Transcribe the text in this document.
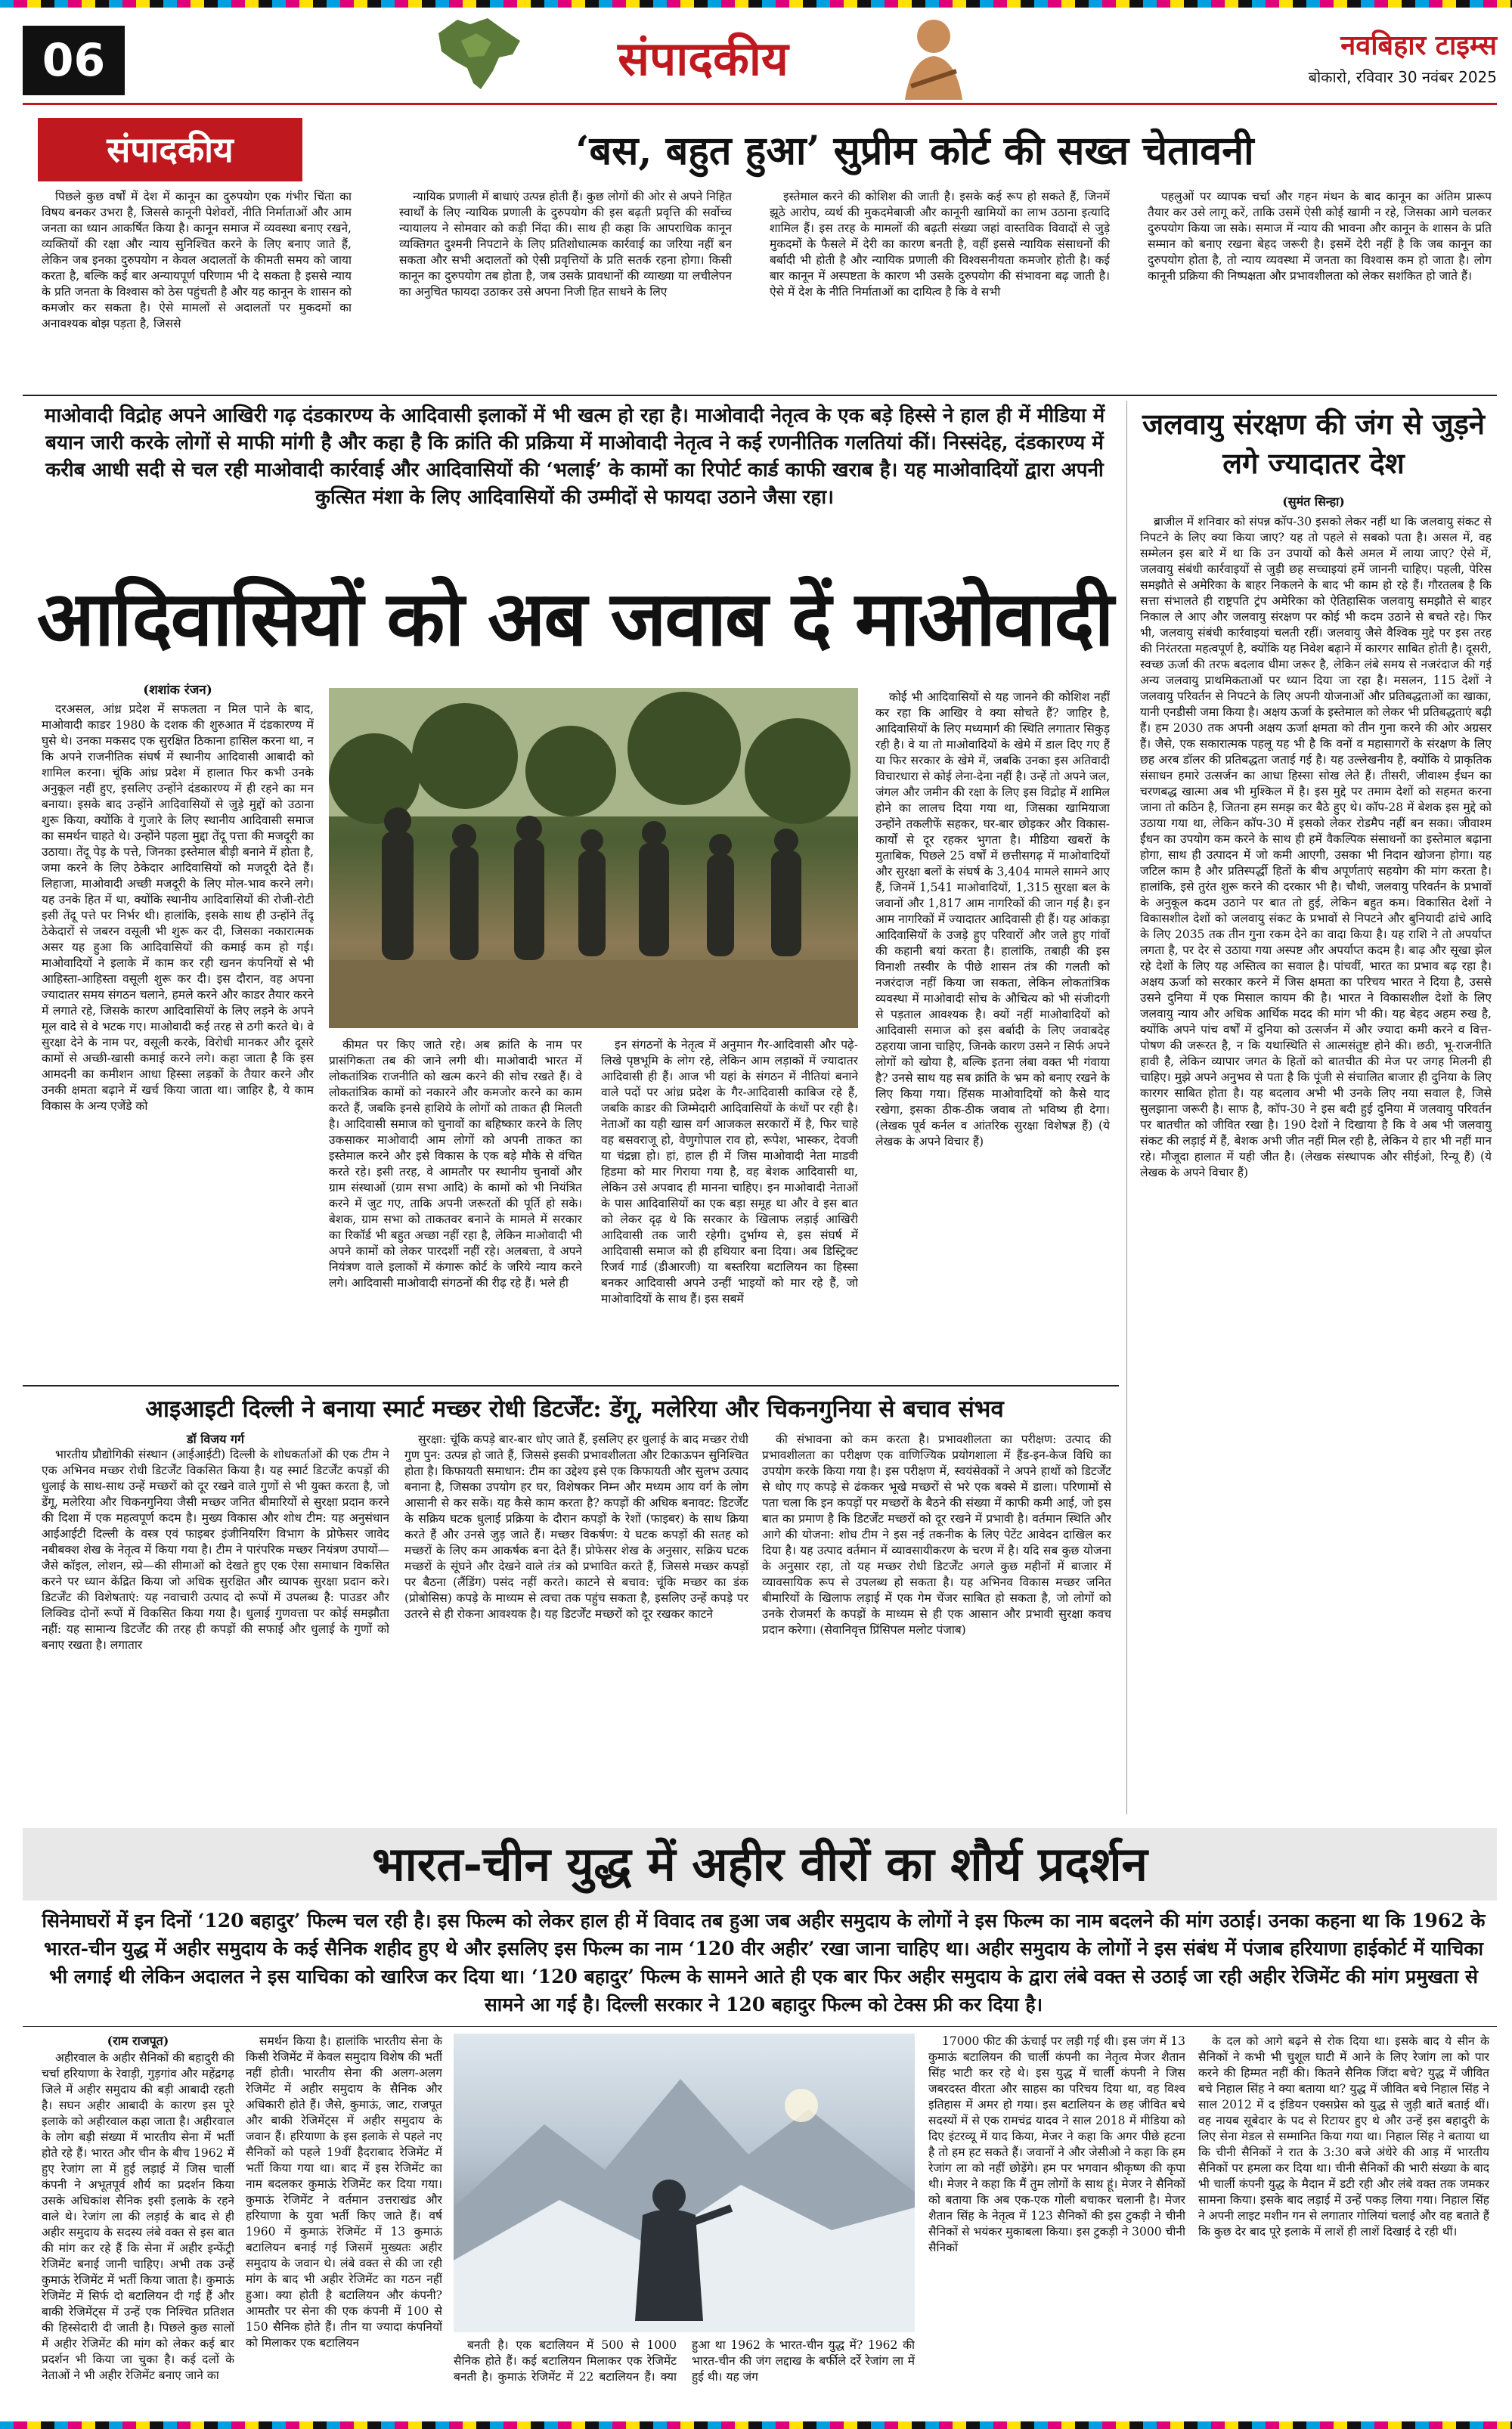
06	संपादकीय	नवबिहार टाइम्स
बोकारो, रविवार 30 नवंबर 2025
संपादकीय	‘बस, बहुत हुआ’ सुप्रीम कोर्ट की सख्त चेतावनी

पिछले कुछ वर्षों में देश में कानून का दुरुपयोग एक गंभीर चिंता का विषय बनकर उभरा है, जिससे कानूनी पेशेवरों, नीति निर्माताओं और आम जनता का ध्यान आकर्षित किया है। कानून समाज में व्यवस्था बनाए रखने, व्यक्तियों की रक्षा और न्याय सुनिश्चित करने के लिए बनाए जाते हैं, लेकिन जब इनका दुरुपयोग न केवल अदालतों के कीमती समय को जाया करता है, बल्कि कई बार अन्यायपूर्ण परिणाम भी दे सकता है इससे न्याय के प्रति जनता के विश्वास को ठेस पहुंचती है और यह कानून के शासन को कमजोर कर सकता है। ऐसे मामलों से अदालतों पर मुकदमों का अनावश्यक बोझ पड़ता है, जिससे

न्यायिक प्रणाली में बाधाएं उत्पन्न होती हैं। कुछ लोगों की ओर से अपने निहित स्वार्थों के लिए न्यायिक प्रणाली के दुरुपयोग की इस बढ़ती प्रवृत्ति की सर्वोच्च न्यायालय ने सोमवार को कड़ी निंदा की। साथ ही कहा कि आपराधिक कानून व्यक्तिगत दुश्मनी निपटाने के लिए प्रतिशोधात्मक कार्रवाई का जरिया नहीं बन सकता और सभी अदालतों को ऐसी प्रवृत्तियों के प्रति सतर्क रहना होगा। किसी कानून का दुरुपयोग तब होता है, जब उसके प्रावधानों की व्याख्या या लचीलेपन का अनुचित फायदा उठाकर उसे अपना निजी हित साधने के लिए

इस्तेमाल करने की कोशिश की जाती है। इसके कई रूप हो सकते हैं, जिनमें झूठे आरोप, व्यर्थ की मुकदमेबाजी और कानूनी खामियों का लाभ उठाना इत्यादि शामिल हैं। इस तरह के मामलों की बढ़ती संख्या जहां वास्तविक विवादों से जुड़े मुकदमों के फैसले में देरी का कारण बनती है, वहीं इससे न्यायिक संसाधनों की बर्बादी भी होती है और न्यायिक प्रणाली की विश्वसनीयता कमजोर होती है। कई बार कानून में अस्पष्टता के कारण भी उसके दुरुपयोग की संभावना बढ़ जाती है। ऐसे में देश के नीति निर्माताओं का दायित्व है कि वे सभी

पहलुओं पर व्यापक चर्चा और गहन मंथन के बाद कानून का अंतिम प्रारूप तैयार कर उसे लागू करें, ताकि उसमें ऐसी कोई खामी न रहे, जिसका आगे चलकर दुरुपयोग किया जा सके। समाज में न्याय की भावना और कानून के शासन के प्रति सम्मान को बनाए रखना बेहद जरूरी है। इसमें देरी नहीं है कि जब कानून का दुरुपयोग होता है, तो न्याय व्यवस्था में जनता का विश्वास कम हो जाता है। लोग कानूनी प्रक्रिया की निष्पक्षता और प्रभावशीलता को लेकर सशंकित हो जाते हैं।

माओवादी विद्रोह अपने आखिरी गढ़ दंडकारण्य के आदिवासी इलाकों में भी खत्म हो रहा है। माओवादी नेतृत्व के एक बड़े हिस्से ने हाल ही में मीडिया में बयान जारी करके लोगों से माफी मांगी है और कहा है कि क्रांति की प्रक्रिया में माओवादी नेतृत्व ने कई रणनीतिक गलतियां कीं। निस्संदेह, दंडकारण्य में करीब आधी सदी से चल रही माओवादी कार्रवाई और आदिवासियों की ‘भलाई’ के कामों का रिपोर्ट कार्ड काफी खराब है। यह माओवादियों द्वारा अपनी कुत्सित मंशा के लिए आदिवासियों की उम्मीदों से फायदा उठाने जैसा रहा।
आदिवासियों को अब जवाब दें माओवादी
(शशांक रंजन)

दरअसल, आंध्र प्रदेश में सफलता न मिल पाने के बाद, माओवादी काडर 1980 के दशक की शुरुआत में दंडकारण्य में घुसे थे। उनका मकसद एक सुरक्षित ठिकाना हासिल करना था, न कि अपने राजनीतिक संघर्ष में स्थानीय आदिवासी आबादी को शामिल करना। चूंकि आंध्र प्रदेश में हालात फिर कभी उनके अनुकूल नहीं हुए, इसलिए उन्होंने दंडकारण्य में ही रहने का मन बनाया। इसके बाद उन्होंने आदिवासियों से जुड़े मुद्दों को उठाना शुरू किया, क्योंकि वे गुजारे के लिए स्थानीय आदिवासी समाज का समर्थन चाहते थे। उन्होंने पहला मुद्दा तेंदू पत्ता की मजदूरी का उठाया। तेंदू पेड़ के पत्ते, जिनका इस्तेमाल बीड़ी बनाने में होता है, जमा करने के लिए ठेकेदार आदिवासियों को मजदूरी देते हैं। लिहाजा, माओवादी अच्छी मजदूरी के लिए मोल-भाव करने लगे। यह उनके हित में था, क्योंकि स्थानीय आदिवासियों की रोजी-रोटी इसी तेंदू पत्ते पर निर्भर थी। हालांकि, इसके साथ ही उन्होंने तेंदू ठेकेदारों से जबरन वसूली भी शुरू कर दी, जिसका नकारात्मक असर यह हुआ कि आदिवासियों की कमाई कम हो गई। माओवादियों ने इलाके में काम कर रही खनन कंपनियों से भी आहिस्ता-आहिस्ता वसूली शुरू कर दी। इस दौरान, वह अपना ज्यादातर समय संगठन चलाने, हमले करने और काडर तैयार करने में लगाते रहे, जिसके कारण आदिवासियों के लिए लड़ने के अपने मूल वादे से वे भटक गए। माओवादी कई तरह से ठगी करते थे। वे सुरक्षा देने के नाम पर, वसूली करके, विरोधी मानकर और दूसरे कामों से अच्छी-खासी कमाई करने लगे। कहा जाता है कि इस आमदनी का कमीशन आधा हिस्सा लड़कों के तैयार करने और उनकी क्षमता बढ़ाने में खर्च किया जाता था। जाहिर है, ये काम विकास के अन्य एजेंडे को

कीमत पर किए जाते रहे। अब क्रांति के नाम पर प्रासंगिकता तब की जाने लगी थी। माओवादी भारत में लोकतांत्रिक राजनीति को खत्म करने की सोच रखते हैं। वे लोकतांत्रिक कामों को नकारने और कमजोर करने का काम करते हैं, जबकि इनसे हाशिये के लोगों को ताकत ही मिलती है। आदिवासी समाज को चुनावों का बहिष्कार करने के लिए उकसाकर माओवादी आम लोगों को अपनी ताकत का इस्तेमाल करने और इसे विकास के एक बड़े मौके से वंचित करते रहे। इसी तरह, वे आमतौर पर स्थानीय चुनावों और ग्राम संस्थाओं (ग्राम सभा आदि) के कामों को भी नियंत्रित करने में जुट गए, ताकि अपनी जरूरतों की पूर्ति हो सके। बेशक, ग्राम सभा को ताकतवर बनाने के मामले में सरकार का रिकॉर्ड भी बहुत अच्छा नहीं रहा है, लेकिन माओवादी भी अपने कामों को लेकर पारदर्शी नहीं रहे। अलबत्ता, वे अपने नियंत्रण वाले इलाकों में कंगारू कोर्ट के जरिये न्याय करने लगे। आदिवासी माओवादी संगठनों की रीढ़ रहे हैं। भले ही

इन संगठनों के नेतृत्व में अनुमान गैर-आदिवासी और पढ़े-लिखे पृष्ठभूमि के लोग रहे, लेकिन आम लड़ाकों में ज्यादातर आदिवासी ही हैं। आज भी यहां के संगठन में नीतियां बनाने वाले पदों पर आंध्र प्रदेश के गैर-आदिवासी काबिज रहे हैं, जबकि काडर की जिम्मेदारी आदिवासियों के कंधों पर रही है। नेताओं का यही खास वर्ग आजकल सरकारों में है, फिर चाहे वह बसवराजू हो, वेणुगोपाल राव हो, रूपेश, भास्कर, देवजी या चंद्रन्ना हो। हां, हाल ही में जिस माओवादी नेता माडवी हिडमा को मार गिराया गया है, वह बेशक आदिवासी था, लेकिन उसे अपवाद ही मानना चाहिए। इन माओवादी नेताओं के पास आदिवासियों का एक बड़ा समूह था और वे इस बात को लेकर दृढ़ थे कि सरकार के खिलाफ लड़ाई आखिरी आदिवासी तक जारी रहेगी। दुर्भाग्य से, इस संघर्ष में आदिवासी समाज को ही हथियार बना दिया। अब डिस्ट्रिक्ट रिजर्व गार्ड (डीआरजी) या बस्तरिया बटालियन का हिस्सा बनकर आदिवासी अपने उन्हीं भाइयों को मार रहे हैं, जो माओवादियों के साथ हैं। इस सबमें

कोई भी आदिवासियों से यह जानने की कोशिश नहीं कर रहा कि आखिर वे क्या सोचते हैं? जाहिर है, आदिवासियों के लिए मध्यमार्ग की स्थिति लगातार सिकुड़ रही है। वे या तो माओवादियों के खेमे में डाल दिए गए हैं या फिर सरकार के खेमे में, जबकि उनका इस अतिवादी विचारधारा से कोई लेना-देना नहीं है। उन्हें तो अपने जल, जंगल और जमीन की रक्षा के लिए इस विद्रोह में शामिल होने का लालच दिया गया था, जिसका खामियाजा उन्होंने तकलीफें सहकर, घर-बार छोड़कर और विकास-कार्यों से दूर रहकर भुगता है। मीडिया खबरों के मुताबिक, पिछले 25 वर्षों में छत्तीसगढ़ में माओवादियों और सुरक्षा बलों के संघर्ष के 3,404 मामले सामने आए हैं, जिनमें 1,541 माओवादियों, 1,315 सुरक्षा बल के जवानों और 1,817 आम नागरिकों की जान गई है। इन आम नागरिकों में ज्यादातर आदिवासी ही हैं। यह आंकड़ा आदिवासियों के उजड़े हुए परिवारों और जले हुए गांवों की कहानी बयां करता है। हालांकि, तबाही की इस विनाशी तस्वीर के पीछे शासन तंत्र की गलती को नजरंदाज नहीं किया जा सकता, लेकिन लोकतांत्रिक व्यवस्था में माओवादी सोच के औचित्य को भी संजीदगी से पड़ताल आवश्यक है। क्यों नहीं माओवादियों को आदिवासी समाज को इस बर्बादी के लिए जवाबदेह ठहराया जाना चाहिए, जिनके कारण उसने न सिर्फ अपने लोगों को खोया है, बल्कि इतना लंबा वक्त भी गंवाया है? उनसे साथ यह सब क्रांति के भ्रम को बनाए रखने के लिए किया गया। हिंसक माओवादियों को कैसे याद रखेगा, इसका ठीक-ठीक जवाब तो भविष्य ही देगा। (लेखक पूर्व कर्नल व आंतरिक सुरक्षा विशेषज्ञ हैं) (ये लेखक के अपने विचार हैं)

जलवायु संरक्षण की जंग से जुड़ने लगे ज्यादातर देश
(सुमंत सिन्हा)

ब्राजील में शनिवार को संपन्न कॉप-30 इसको लेकर नहीं था कि जलवायु संकट से निपटने के लिए क्या किया जाए? यह तो पहले से सबको पता है। असल में, वह सम्मेलन इस बारे में था कि उन उपायों को कैसे अमल में लाया जाए? ऐसे में, जलवायु संबंधी कार्रवाइयों से जुड़ी छह सच्चाइयां हमें जाननी चाहिए। पहली, पेरिस समझौते से अमेरिका के बाहर निकलने के बाद भी काम हो रहे हैं। गौरतलब है कि सत्ता संभालते ही राष्ट्रपति ट्रंप अमेरिका को ऐतिहासिक जलवायु समझौते से बाहर निकाल ले आए और जलवायु संरक्षण पर कोई भी कदम उठाने से बचते रहे। फिर भी, जलवायु संबंधी कार्रवाइयां चलती रहीं। जलवायु जैसे वैश्विक मुद्दे पर इस तरह की निरंतरता महत्वपूर्ण है, क्योंकि यह निवेश बढ़ाने में कारगर साबित होती है। दूसरी, स्वच्छ ऊर्जा की तरफ बदलाव धीमा जरूर है, लेकिन लंबे समय से नजरंदाज की गई अन्य जलवायु प्राथमिकताओं पर ध्यान दिया जा रहा है। मसलन, 115 देशों ने जलवायु परिवर्तन से निपटने के लिए अपनी योजनाओं और प्रतिबद्धताओं का खाका, यानी एनडीसी जमा किया है। अक्षय ऊर्जा के इस्तेमाल को लेकर भी प्रतिबद्धताएं बढ़ी हैं। हम 2030 तक अपनी अक्षय ऊर्जा क्षमता को तीन गुना करने की ओर अग्रसर हैं। जैसे, एक सकारात्मक पहलू यह भी है कि वनों व महासागरों के संरक्षण के लिए छह अरब डॉलर की प्रतिबद्धता जताई गई है। यह उल्लेखनीय है, क्योंकि ये प्राकृतिक संसाधन हमारे उत्सर्जन का आधा हिस्सा सोख लेते हैं। तीसरी, जीवाश्म ईंधन का चरणबद्ध खात्मा अब भी मुश्किल में है। इस मुद्दे पर तमाम देशों को सहमत करना जाना तो कठिन है, जितना हम समझ कर बैठे हुए थे। कॉप-28 में बेशक इस मुद्दे को उठाया गया था, लेकिन कॉप-30 में इसको लेकर रोडमैप नहीं बन सका। जीवाश्म ईंधन का उपयोग कम करने के साथ ही हमें वैकल्पिक संसाधनों का इस्तेमाल बढ़ाना होगा, साथ ही उत्पादन में जो कमी आएगी, उसका भी निदान खोजना होगा। यह जटिल काम है और प्रतिस्पर्द्धी हितों के बीच अपूर्णताएं सहयोग की मांग करता है। हालांकि, इसे तुरंत शुरू करने की दरकार भी है। चौथी, जलवायु परिवर्तन के प्रभावों के अनुकूल कदम उठाने पर बात तो हुई, लेकिन बहुत कम। विकासित देशों ने विकासशील देशों को जलवायु संकट के प्रभावों से निपटने और बुनियादी ढांचे आदि के लिए 2035 तक तीन गुना रकम देने का वादा किया है। यह राशि ने तो अपर्याप्त लगता है, पर देर से उठाया गया अस्पष्ट और अपर्याप्त कदम है। बाढ़ और सूखा झेल रहे देशों के लिए यह अस्तित्व का सवाल है। पांचवीं, भारत का प्रभाव बढ़ रहा है। अक्षय ऊर्जा को सरकार करने में जिस क्षमता का परिचय भारत ने दिया है, उससे उसने दुनिया में एक मिसाल कायम की है। भारत ने विकासशील देशों के लिए जलवायु न्याय और अधिक आर्थिक मदद की मांग भी की। यह बेहद अहम रुख है, क्योंकि अपने पांच वर्षों में दुनिया को उत्सर्जन में और ज्यादा कमी करने व वित्त-पोषण की जरूरत है, न कि यथास्थिति से आत्मसंतुष्ट होने की। छठी, भू-राजनीति हावी है, लेकिन व्यापार जगत के हितों को बातचीत की मेज पर जगह मिलनी ही चाहिए। मुझे अपने अनुभव से पता है कि पूंजी से संचालित बाजार ही दुनिया के लिए कारगर साबित होता है। यह बदलाव अभी भी उनके लिए नया सवाल है, जिसे सुलझाना जरूरी है। साफ है, कॉप-30 ने इस बदी हुई दुनिया में जलवायु परिवर्तन पर बातचीत को जीवित रखा है। 190 देशों ने दिखाया है कि वे अब भी जलवायु संकट की लड़ाई में हैं, बेशक अभी जीत नहीं मिल रही है, लेकिन ये हार भी नहीं मान रहे। मौजूदा हालात में यही जीत है। (लेखक संस्थापक और सीईओ, रिन्यू हैं) (ये लेखक के अपने विचार हैं)

आइआइटी दिल्ली ने बनाया स्मार्ट मच्छर रोधी डिटर्जेंट: डेंगू, मलेरिया और चिकनगुनिया से बचाव संभव
डॉ विजय गर्ग

भारतीय प्रौद्योगिकी संस्थान (आईआईटी) दिल्ली के शोधकर्ताओं की एक टीम ने एक अभिनव मच्छर रोधी डिटर्जेंट विकसित किया है। यह स्मार्ट डिटर्जेंट कपड़ों की धुलाई के साथ-साथ उन्हें मच्छरों को दूर रखने वाले गुणों से भी युक्त करता है, जो डेंगू, मलेरिया और चिकनगुनिया जैसी मच्छर जनित बीमारियों से सुरक्षा प्रदान करने की दिशा में एक महत्वपूर्ण कदम है। मुख्य विकास और शोध टीम: यह अनुसंधान आईआईटी दिल्ली के वस्त्र एवं फाइबर इंजीनियरिंग विभाग के प्रोफेसर जावेद नबीबक्श शेख के नेतृत्व में किया गया है। टीम ने पारंपरिक मच्छर नियंत्रण उपायों—जैसे कॉइल, लोशन, स्प्रे—की सीमाओं को देखते हुए एक ऐसा समाधान विकसित करने पर ध्यान केंद्रित किया जो अधिक सुरक्षित और व्यापक सुरक्षा प्रदान करे। डिटर्जेंट की विशेषताएं: यह नवाचारी उत्पाद दो रूपों में उपलब्ध है: पाउडर और लिक्विड दोनों रूपों में विकसित किया गया है। धुलाई गुणवत्ता पर कोई समझौता नहीं: यह सामान्य डिटर्जेंट की तरह ही कपड़ों की सफाई और धुलाई के गुणों को बनाए रखता है। लगातार

सुरक्षा: चूंकि कपड़े बार-बार धोए जाते हैं, इसलिए हर धुलाई के बाद मच्छर रोधी गुण पुन: उत्पन्न हो जाते हैं, जिससे इसकी प्रभावशीलता और टिकाऊपन सुनिश्चित होता है। किफायती समाधान: टीम का उद्देश्य इसे एक किफायती और सुलभ उत्पाद बनाना है, जिसका उपयोग हर घर, विशेषकर निम्न और मध्यम आय वर्ग के लोग आसानी से कर सकें। यह कैसे काम करता है? कपड़ों की अधिक बनावट: डिटर्जेंट के सक्रिय घटक धुलाई प्रक्रिया के दौरान कपड़ों के रेशों (फाइबर) के साथ क्रिया करते हैं और उनसे जुड़ जाते हैं। मच्छर विकर्षण: ये घटक कपड़ों की सतह को मच्छरों के लिए कम आकर्षक बना देते हैं। प्रोफेसर शेख के अनुसार, सक्रिय घटक मच्छरों के सूंघने और देखने वाले तंत्र को प्रभावित करते हैं, जिससे मच्छर कपड़ों पर बैठना (लैंडिंग) पसंद नहीं करते। काटने से बचाव: चूंकि मच्छर का डंक (प्रोबोसिस) कपड़े के माध्यम से त्वचा तक पहुंच सकता है, इसलिए उन्हें कपड़े पर उतरने से ही रोकना आवश्यक है। यह डिटर्जेंट मच्छरों को दूर रखकर काटने

की संभावना को कम करता है। प्रभावशीलता का परीक्षण: उत्पाद की प्रभावशीलता का परीक्षण एक वाणिज्यिक प्रयोगशाला में हैंड-इन-केज विधि का उपयोग करके किया गया है। इस परीक्षण में, स्वयंसेवकों ने अपने हाथों को डिटर्जेंट से धोए गए कपड़े से ढंककर भूखे मच्छरों से भरे एक बक्से में डाला। परिणामों से पता चला कि इन कपड़ों पर मच्छरों के बैठने की संख्या में काफी कमी आई, जो इस बात का प्रमाण है कि डिटर्जेंट मच्छरों को दूर रखने में प्रभावी है। वर्तमान स्थिति और आगे की योजना: शोध टीम ने इस नई तकनीक के लिए पेटेंट आवेदन दाखिल कर दिया है। यह उत्पाद वर्तमान में व्यावसायीकरण के चरण में है। यदि सब कुछ योजना के अनुसार रहा, तो यह मच्छर रोधी डिटर्जेंट अगले कुछ महीनों में बाजार में व्यावसायिक रूप से उपलब्ध हो सकता है। यह अभिनव विकास मच्छर जनित बीमारियों के खिलाफ लड़ाई में एक गेम चेंजर साबित हो सकता है, जो लोगों को उनके रोजमर्रा के कपड़ों के माध्यम से ही एक आसान और प्रभावी सुरक्षा कवच प्रदान करेगा। (सेवानिवृत्त प्रिंसिपल मलोट पंजाब)

भारत-चीन युद्ध में अहीर वीरों का शौर्य प्रदर्शन
सिनेमाघरों में इन दिनों ‘120 बहादुर’ फिल्म चल रही है। इस फिल्म को लेकर हाल ही में विवाद तब हुआ जब अहीर समुदाय के लोगों ने इस फिल्म का नाम बदलने की मांग उठाई। उनका कहना था कि 1962 के भारत-चीन युद्ध में अहीर समुदाय के कई सैनिक शहीद हुए थे और इसलिए इस फिल्म का नाम ‘120 वीर अहीर’ रखा जाना चाहिए था। अहीर समुदाय के लोगों ने इस संबंध में पंजाब हरियाणा हाईकोर्ट में याचिका भी लगाई थी लेकिन अदालत ने इस याचिका को खारिज कर दिया था। ‘120 बहादुर’ फिल्म के सामने आते ही एक बार फिर अहीर समुदाय के द्वारा लंबे वक्त से उठाई जा रही अहीर रेजिमेंट की मांग प्रमुखता से सामने आ गई है। दिल्ली सरकार ने 120 बहादुर फिल्म को टेक्स फ्री कर दिया है।
(राम राजपूत)

अहीरवाल के अहीर सैनिकों की बहादुरी की चर्चा हरियाणा के रेवाड़ी, गुड़गांव और महेंद्रगढ़ जिले में अहीर समुदाय की बड़ी आबादी रहती है। सघन अहीर आबादी के कारण इस पूरे इलाके को अहीरवाल कहा जाता है। अहीरवाल के लोग बड़ी संख्या में भारतीय सेना में भर्ती होते रहे हैं। भारत और चीन के बीच 1962 में हुए रेजांग ला में हुई लड़ाई में जिस चार्ली कंपनी ने अभूतपूर्व शौर्य का प्रदर्शन किया उसके अधिकांश सैनिक इसी इलाके के रहने वाले थे। रेजांग ला की लड़ाई के बाद से ही अहीर समुदाय के सदस्य लंबे वक्त से इस बात की मांग कर रहे हैं कि सेना में अहीर इन्फेंट्री रेजिमेंट बनाई जानी चाहिए। अभी तक उन्हें कुमाऊं रेजिमेंट में भर्ती किया जाता है। कुमाऊं रेजिमेंट में सिर्फ दो बटालियन दी गई हैं और बाकी रेजिमेंट्स में उन्हें एक निश्चित प्रतिशत की हिस्सेदारी दी जाती है। पिछले कुछ सालों में अहीर रेजिमेंट की मांग को लेकर कई बार प्रदर्शन भी किया जा चुका है। कई दलों के नेताओं ने भी अहीर रेजिमेंट बनाए जाने का

समर्थन किया है। हालांकि भारतीय सेना के किसी रेजिमेंट में केवल समुदाय विशेष की भर्ती नहीं होती। भारतीय सेना की अलग-अलग रेजिमेंट में अहीर समुदाय के सैनिक और अधिकारी होते हैं। जैसे, कुमाऊं, जाट, राजपूत और बाकी रेजिमेंट्स में अहीर समुदाय के जवान हैं। हरियाणा के इस इलाके से पहले नए सैनिकों को पहले 19वीं हैदराबाद रेजिमेंट में भर्ती किया गया था। बाद में इस रेजिमेंट का नाम बदलकर कुमाऊं रेजिमेंट कर दिया गया। कुमाऊं रेजिमेंट ने वर्तमान उत्तराखंड और हरियाणा के युवा भर्ती किए जाते हैं। वर्ष 1960 में कुमाऊं रेजिमेंट में 13 कुमाऊं बटालियन बनाई गई जिसमें मुख्यतः अहीर समुदाय के जवान थे। लंबे वक्त से की जा रही मांग के बाद भी अहीर रेजिमेंट का गठन नहीं हुआ। क्या होती है बटालियन और कंपनी? आमतौर पर सेना की एक कंपनी में 100 से 150 सैनिक होते हैं। तीन या ज्यादा कंपनियों को मिलाकर एक बटालियन	बनती है। एक बटालियन में 500 से 1000 सैनिक होते हैं। कई बटालियन मिलाकर एक रेजिमेंट बनती है। कुमाऊं रेजिमेंट में 22 बटालियन हैं। क्या हुआ था 1962 के भारत-चीन युद्ध में? 1962 की भारत-चीन की जंग लद्दाख के बर्फीले दर्रे रेजांग ला में हुई थी। यह जंग

17000 फीट की ऊंचाई पर लड़ी गई थी। इस जंग में 13 कुमाऊं बटालियन की चार्ली कंपनी का नेतृत्व मेजर शैतान सिंह भाटी कर रहे थे। इस युद्ध में चार्ली कंपनी ने जिस जबरदस्त वीरता और साहस का परिचय दिया था, वह विश्व इतिहास में अमर हो गया। इस बटालियन के छह जीवित बचे सदस्यों में से एक रामचंद्र यादव ने साल 2018 में मीडिया को दिए इंटरव्यू में याद किया, मेजर ने कहा कि अगर पीछे हटना है तो हम हट सकते हैं। जवानों ने और जेसीओ ने कहा कि हम रेजांग ला को नहीं छोड़ेंगे। हम पर भगवान श्रीकृष्ण की कृपा थी। मेजर ने कहा कि मैं तुम लोगों के साथ हूं। मेजर ने सैनिकों को बताया कि अब एक-एक गोली बचाकर चलानी है। मेजर शैतान सिंह के नेतृत्व में 123 सैनिकों की इस टुकड़ी ने चीनी सैनिकों से भयंकर मुकाबला किया। इस टुकड़ी ने 3000 चीनी सैनिकों

के दल को आगे बढ़ने से रोक दिया था। इसके बाद ये सीन के सैनिकों ने कभी भी चुशूल घाटी में आने के लिए रेजांग ला को पार करने की हिम्मत नहीं की। कितने सैनिक जिंदा बचे? युद्ध में जीवित बचे निहाल सिंह ने क्या बताया था? युद्ध में जीवित बचे निहाल सिंह ने साल 2012 में द इंडियन एक्सप्रेस को युद्ध से जुड़ी बातें बताई थीं। वह नायब सूबेदार के पद से रिटायर हुए थे और उन्हें इस बहादुरी के लिए सेना मेडल से सम्मानित किया गया था। निहाल सिंह ने बताया था कि चीनी सैनिकों ने रात के 3:30 बजे अंधेरे की आड़ में भारतीय सैनिकों पर हमला कर दिया था। चीनी सैनिकों की भारी संख्या के बाद भी चार्ली कंपनी युद्ध के मैदान में डटी रही और लंबे वक्त तक जमकर सामना किया। इसके बाद लड़ाई में उन्हें पकड़ लिया गया। निहाल सिंह ने अपनी लाइट मशीन गन से लगातार गोलियां चलाई और वह बताते हैं कि कुछ देर बाद पूरे इलाके में लाशें ही लाशें दिखाई दे रही थीं।
